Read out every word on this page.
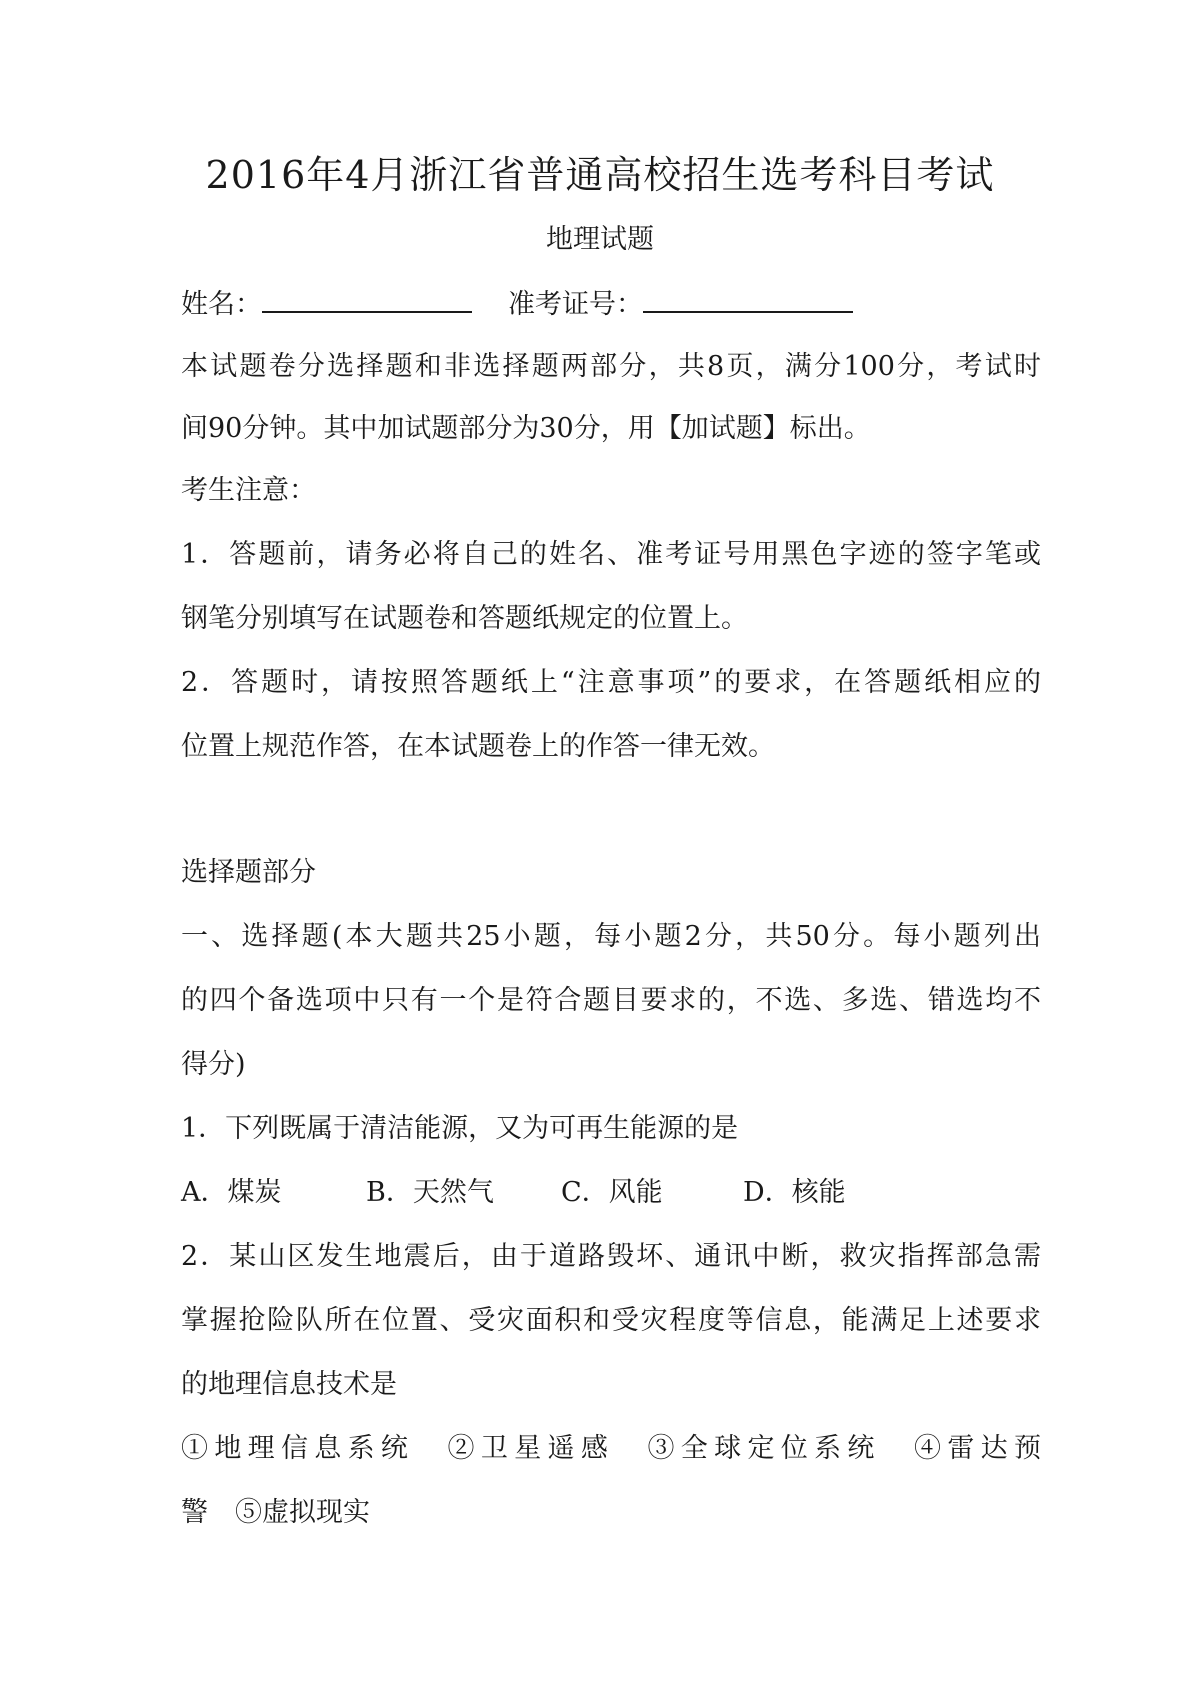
2016年4月浙江省普通高校招生选考科目考试
地理试题
姓名：	准考证号：
本试题卷分选择题和非选择题两部分，共8页，满分100分，考试时
间90分钟。其中加试题部分为30分，用【加试题】标出。
考生注意：
1．答题前，请务必将自己的姓名、准考证号用黑色字迹的签字笔或
钢笔分别填写在试题卷和答题纸规定的位置上。
2．答题时，请按照答题纸上“注意事项”的要求，在答题纸相应的
位置上规范作答，在本试题卷上的作答一律无效。
选择题部分
一、选择题(本大题共25小题，每小题2分，共50分。每小题列出
的四个备选项中只有一个是符合题目要求的，不选、多选、错选均不
得分)
1．下列既属于清洁能源，又为可再生能源的是
A．煤炭	B．天然气 C．风能	D．核能
2．某山区发生地震后，由于道路毁坏、通讯中断，救灾指挥部急需
掌握抢险队所在位置、受灾面积和受灾程度等信息，能满足上述要求
的地理信息技术是
①地理信息系统　②卫星遥感　③全球定位系统　④雷达预
警　⑤虚拟现实
